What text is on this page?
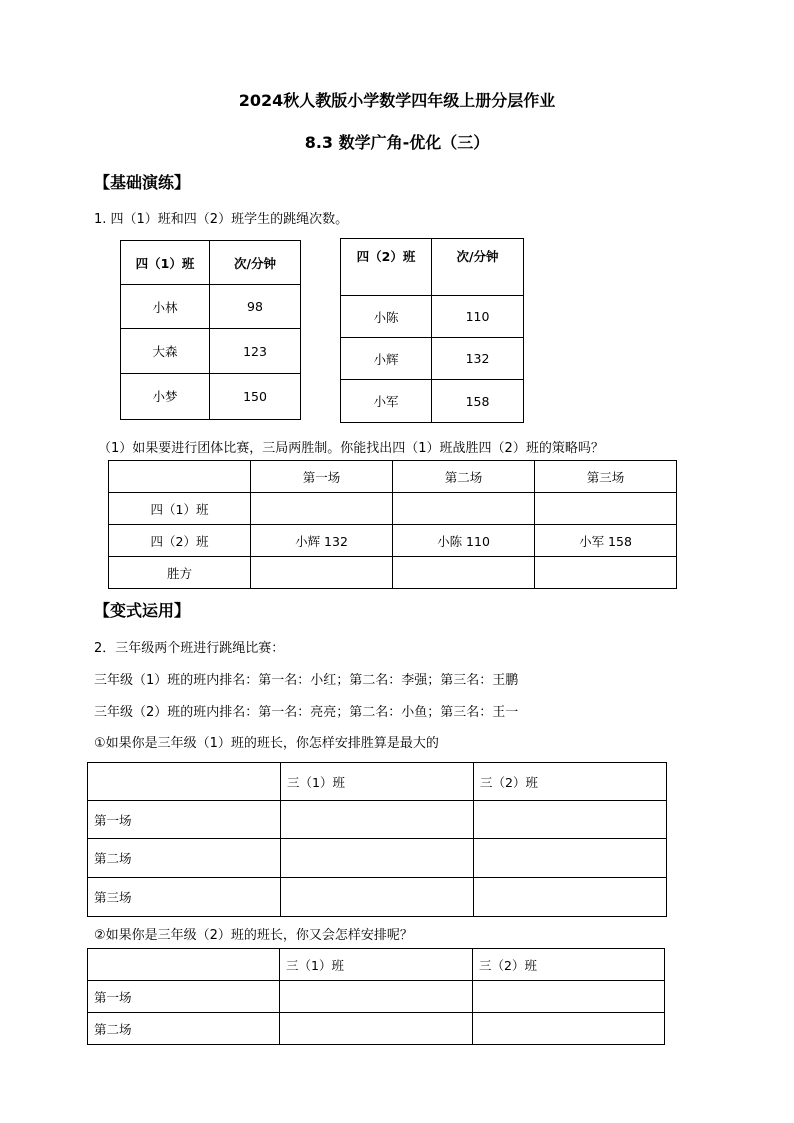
2024秋人教版小学数学四年级上册分层作业
8.3 数学广角-优化（三）
【基础演练】
1. 四（1）班和四（2）班学生的跳绳次数。
四（1）班	次/分钟
小林	98
大森	123
小梦	150
四（2）班	次/分钟
小陈	110
小辉	132
小军	158
（1）如果要进行团体比赛，三局两胜制。你能找出四（1）班战胜四（2）班的策略吗？
	第一场	第二场	第三场
四（1）班			
四（2）班	小辉 132	小陈 110	小军 158
胜方			
【变式运用】
2．三年级两个班进行跳绳比赛：
三年级（1）班的班内排名：第一名：小红；第二名：李强；第三名：王鹏
三年级（2）班的班内排名：第一名：亮亮；第二名：小鱼；第三名：王一
①如果你是三年级（1）班的班长，你怎样安排胜算是最大的
	三（1）班	三（2）班
第一场		
第二场		
第三场		
②如果你是三年级（2）班的班长，你又会怎样安排呢？
	三（1）班	三（2）班
第一场		
第二场		
